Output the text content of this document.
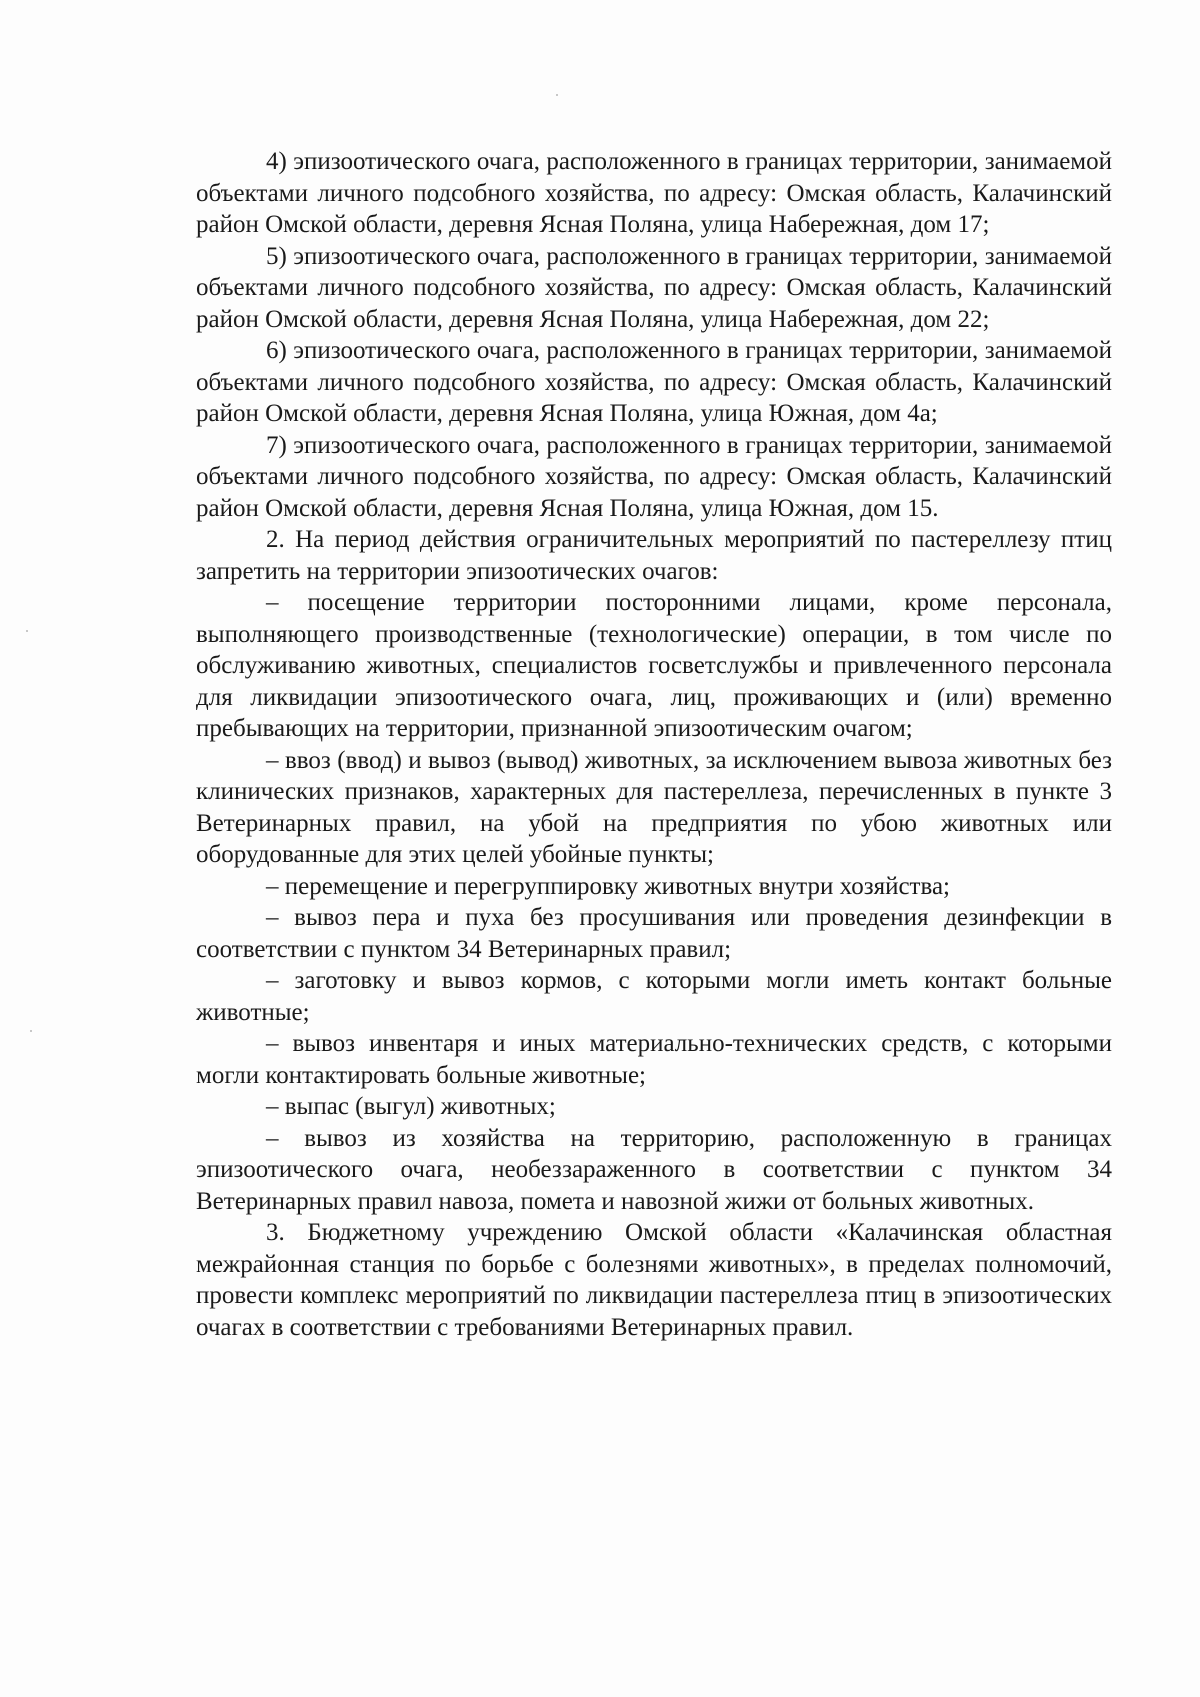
4) эпизоотического очага, расположенного в границах территории, занимаемой объектами личного подсобного хозяйства, по адресу: Омская область, Калачинский район Омской области, деревня Ясная Поляна, улица Набережная, дом 17;

5) эпизоотического очага, расположенного в границах территории, занимаемой объектами личного подсобного хозяйства, по адресу: Омская область, Калачинский район Омской области, деревня Ясная Поляна, улица Набережная, дом 22;

6) эпизоотического очага, расположенного в границах территории, занимаемой объектами личного подсобного хозяйства, по адресу: Омская область, Калачинский район Омской области, деревня Ясная Поляна, улица Южная, дом 4а;

7) эпизоотического очага, расположенного в границах территории, занимаемой объектами личного подсобного хозяйства, по адресу: Омская область, Калачинский район Омской области, деревня Ясная Поляна, улица Южная, дом 15.

2. На период действия ограничительных мероприятий по пастереллезу птиц запретить на территории эпизоотических очагов:

– посещение территории посторонними лицами, кроме персонала, выполняющего производственные (технологические) операции, в том числе по обслуживанию животных, специалистов госветслужбы и привлеченного персонала для ликвидации эпизоотического очага, лиц, проживающих и (или) временно пребывающих на территории, признанной эпизоотическим очагом;

– ввоз (ввод) и вывоз (вывод) животных, за исключением вывоза животных без клинических признаков, характерных для пастереллеза, перечисленных в пункте 3 Ветеринарных правил, на убой на предприятия по убою животных или оборудованные для этих целей убойные пункты;

– перемещение и перегруппировку животных внутри хозяйства;

– вывоз пера и пуха без просушивания или проведения дезинфекции в соответствии с пунктом 34 Ветеринарных правил;

– заготовку и вывоз кормов, с которыми могли иметь контакт больные животные;

– вывоз инвентаря и иных материально-технических средств, с которыми могли контактировать больные животные;

– выпас (выгул) животных;

– вывоз из хозяйства на территорию, расположенную в границах эпизоотического очага, необеззараженного в соответствии с пунктом 34 Ветеринарных правил навоза, помета и навозной жижи от больных животных.

3. Бюджетному учреждению Омской области «Калачинская областная межрайонная станция по борьбе с болезнями животных», в пределах полномочий, провести комплекс мероприятий по ликвидации пастереллеза птиц в эпизоотических очагах в соответствии с требованиями Ветеринарных правил.
